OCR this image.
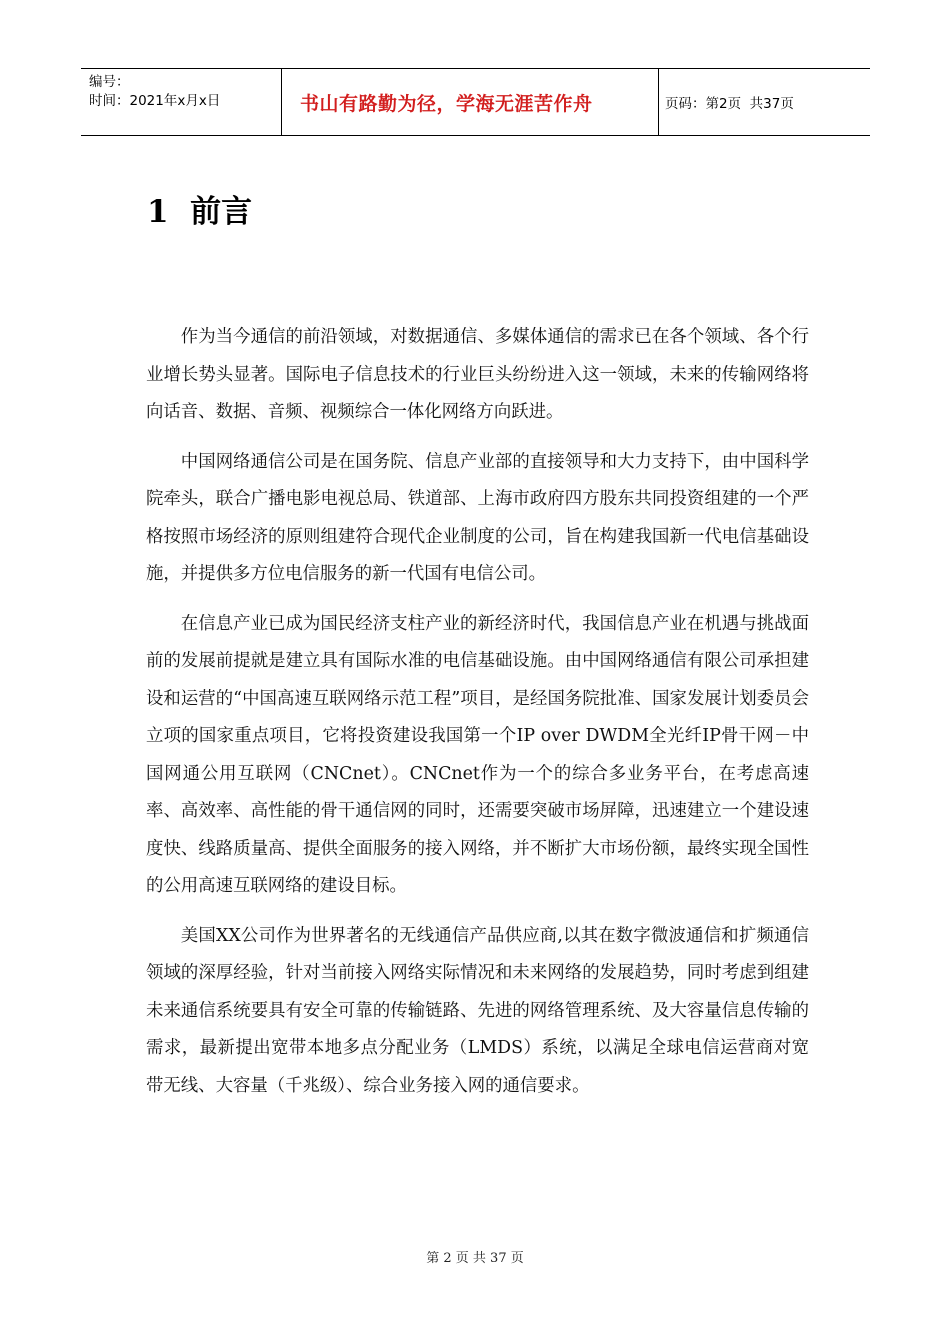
编号：
时间：2021年x月x日	书山有路勤为径，学海无涯苦作舟	页码：第2页  共37页
1  前言

作为当今通信的前沿领域，对数据通信、多媒体通信的需求已在各个领域、各个行业增长势头显著。国际电子信息技术的行业巨头纷纷进入这一领域，未来的传输网络将向话音、数据、音频、视频综合一体化网络方向跃进。

中国网络通信公司是在国务院、信息产业部的直接领导和大力支持下，由中国科学院牵头，联合广播电影电视总局、铁道部、上海市政府四方股东共同投资组建的一个严格按照市场经济的原则组建符合现代企业制度的公司，旨在构建我国新一代电信基础设施，并提供多方位电信服务的新一代国有电信公司。

在信息产业已成为国民经济支柱产业的新经济时代，我国信息产业在机遇与挑战面前的发展前提就是建立具有国际水准的电信基础设施。由中国网络通信有限公司承担建设和运营的“中国高速互联网络示范工程”项目，是经国务院批准、国家发展计划委员会立项的国家重点项目，它将投资建设我国第一个IP over DWDM全光纤IP骨干网－中国网通公用互联网（CNCnet）。CNCnet作为一个的综合多业务平台，在考虑高速率、高效率、高性能的骨干通信网的同时，还需要突破市场屏障，迅速建立一个建设速度快、线路质量高、提供全面服务的接入网络，并不断扩大市场份额，最终实现全国性的公用高速互联网络的建设目标。

美国XX公司作为世界著名的无线通信产品供应商,以其在数字微波通信和扩频通信领域的深厚经验，针对当前接入网络实际情况和未来网络的发展趋势，同时考虑到组建未来通信系统要具有安全可靠的传输链路、先进的网络管理系统、及大容量信息传输的需求，最新提出宽带本地多点分配业务（LMDS）系统，以满足全球电信运营商对宽带无线、大容量（千兆级）、综合业务接入网的通信要求。

第 2 页 共 37 页
